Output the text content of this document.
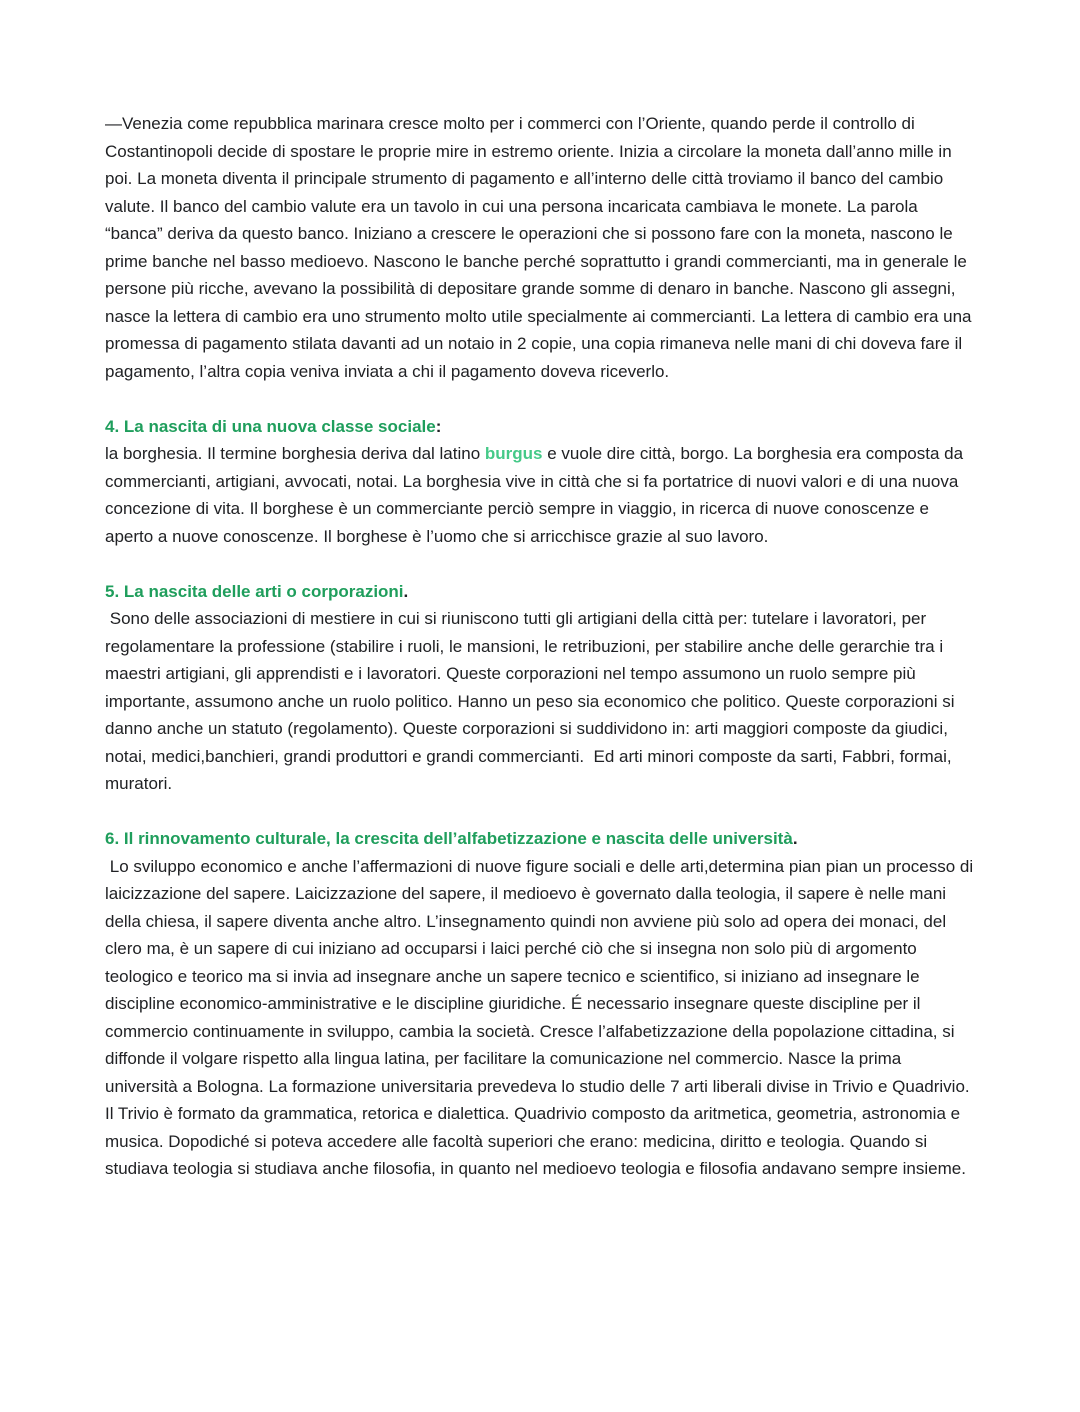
—Venezia come repubblica marinara cresce molto per i commerci con l’Oriente, quando perde il controllo di Costantinopoli decide di spostare le proprie mire in estremo oriente. Inizia a circolare la moneta dall’anno mille in poi. La moneta diventa il principale strumento di pagamento e all’interno delle città troviamo il banco del cambio valute. Il banco del cambio valute era un tavolo in cui una persona incaricata cambiava le monete. La parola “banca” deriva da questo banco. Iniziano a crescere le operazioni che si possono fare con la moneta, nascono le prime banche nel basso medioevo. Nascono le banche perché soprattutto i grandi commercianti, ma in generale le persone più ricche, avevano la possibilità di depositare grande somme di denaro in banche. Nascono gli assegni, nasce la lettera di cambio era uno strumento molto utile specialmente ai commercianti. La lettera di cambio era una promessa di pagamento stilata davanti ad un notaio in 2 copie, una copia rimaneva nelle mani di chi doveva fare il pagamento, l’altra copia veniva inviata a chi il pagamento doveva riceverlo.

4. La nascita di una nuova classe sociale:

la borghesia. Il termine borghesia deriva dal latino burgus e vuole dire città, borgo. La borghesia era composta da commercianti, artigiani, avvocati, notai. La borghesia vive in città che si fa portatrice di nuovi valori e di una nuova concezione di vita. Il borghese è un commerciante perciò sempre in viaggio, in ricerca di nuove conoscenze e aperto a nuove conoscenze. Il borghese è l’uomo che si arricchisce grazie al suo lavoro.

5. La nascita delle arti o corporazioni.

Sono delle associazioni di mestiere in cui si riuniscono tutti gli artigiani della città per: tutelare i lavoratori, per regolamentare la professione (stabilire i ruoli, le mansioni, le retribuzioni, per stabilire anche delle gerarchie tra i maestri artigiani, gli apprendisti e i lavoratori. Queste corporazioni nel tempo assumono un ruolo sempre più importante, assumono anche un ruolo politico. Hanno un peso sia economico che politico. Queste corporazioni si danno anche un statuto (regolamento). Queste corporazioni si suddividono in: arti maggiori composte da giudici, notai, medici,banchieri, grandi produttori e grandi commercianti.  Ed arti minori composte da sarti, Fabbri, formai, muratori.

6. Il rinnovamento culturale, la crescita dell’alfabetizzazione e nascita delle università.

Lo sviluppo economico e anche l’affermazioni di nuove figure sociali e delle arti,determina pian pian un processo di laicizzazione del sapere. Laicizzazione del sapere, il medioevo è governato dalla teologia, il sapere è nelle mani della chiesa, il sapere diventa anche altro. L’insegnamento quindi non avviene più solo ad opera dei monaci, del clero ma, è un sapere di cui iniziano ad occuparsi i laici perché ciò che si insegna non solo più di argomento teologico e teorico ma si invia ad insegnare anche un sapere tecnico e scientifico, si iniziano ad insegnare le discipline economico-amministrative e le discipline giuridiche. É necessario insegnare queste discipline per il commercio continuamente in sviluppo, cambia la società. Cresce l’alfabetizzazione della popolazione cittadina, si diffonde il volgare rispetto alla lingua latina, per facilitare la comunicazione nel commercio. Nasce la prima università a Bologna. La formazione universitaria prevedeva lo studio delle 7 arti liberali divise in Trivio e Quadrivio. Il Trivio è formato da grammatica, retorica e dialettica. Quadrivio composto da aritmetica, geometria, astronomia e musica. Dopodiché si poteva accedere alle facoltà superiori che erano: medicina, diritto e teologia. Quando si studiava teologia si studiava anche filosofia, in quanto nel medioevo teologia e filosofia andavano sempre insieme.
